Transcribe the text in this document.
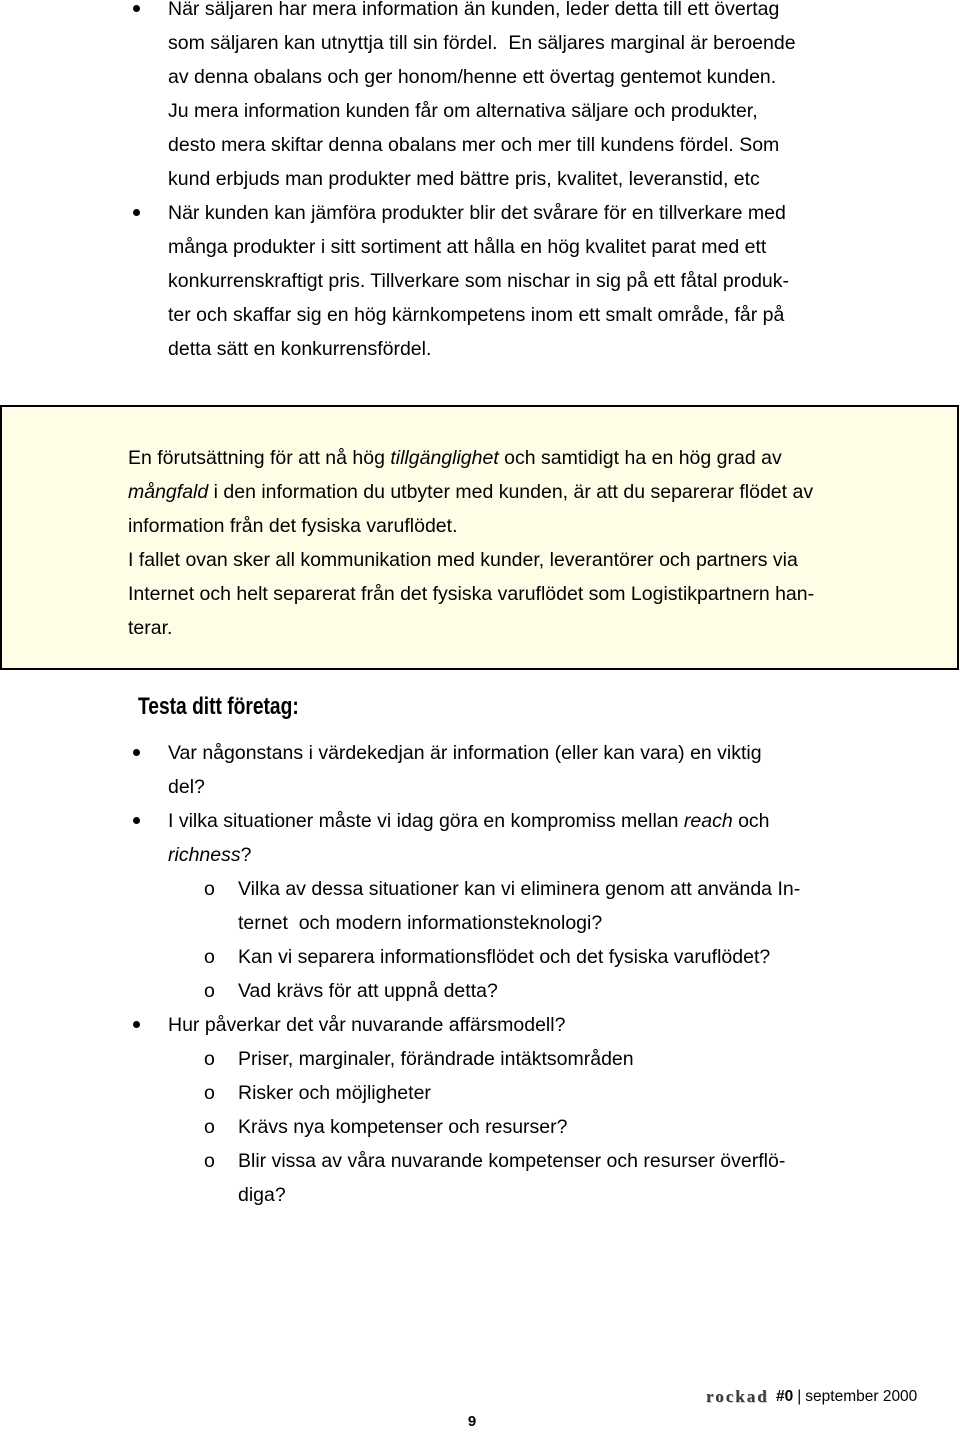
När säljaren har mera information än kunden, leder detta till ett övertag
som säljaren kan utnyttja till sin fördel.  En säljares marginal är beroende
av denna obalans och ger honom/henne ett övertag gentemot kunden.
Ju mera information kunden får om alternativa säljare och produkter,
desto mera skiftar denna obalans mer och mer till kundens fördel. Som
kund erbjuds man produkter med bättre pris, kvalitet, leveranstid, etc
När kunden kan jämföra produkter blir det svårare för en tillverkare med
många produkter i sitt sortiment att hålla en hög kvalitet parat med ett
konkurrenskraftigt pris. Tillverkare som nischar in sig på ett fåtal produk-
ter och skaffar sig en hög kärnkompetens inom ett smalt område, får på
detta sätt en konkurrensfördel.
En förutsättning för att nå hög tillgänglighet och samtidigt ha en hög grad av
mångfald i den information du utbyter med kunden, är att du separerar flödet av
information från det fysiska varuflödet.
I fallet ovan sker all kommunikation med kunder, leverantörer och partners via
Internet och helt separerat från det fysiska varuflödet som Logistikpartnern han-
terar.
Testa ditt företag:
Var någonstans i värdekedjan är information (eller kan vara) en viktig
del?
I vilka situationer måste vi idag göra en kompromiss mellan reach och
richness?
o Vilka av dessa situationer kan vi eliminera genom att använda In-
ternet  och modern informationsteknologi?
o Kan vi separera informationsflödet och det fysiska varuflödet?
o Vad krävs för att uppnå detta?
Hur påverkar det vår nuvarande affärsmodell?
o Priser, marginaler, förändrade intäktsområden
o Risker och möjligheter
o Krävs nya kompetenser och resurser?
o Blir vissa av våra nuvarande kompetenser och resurser överflö-
diga?
rockad #0 | september 2000
9
